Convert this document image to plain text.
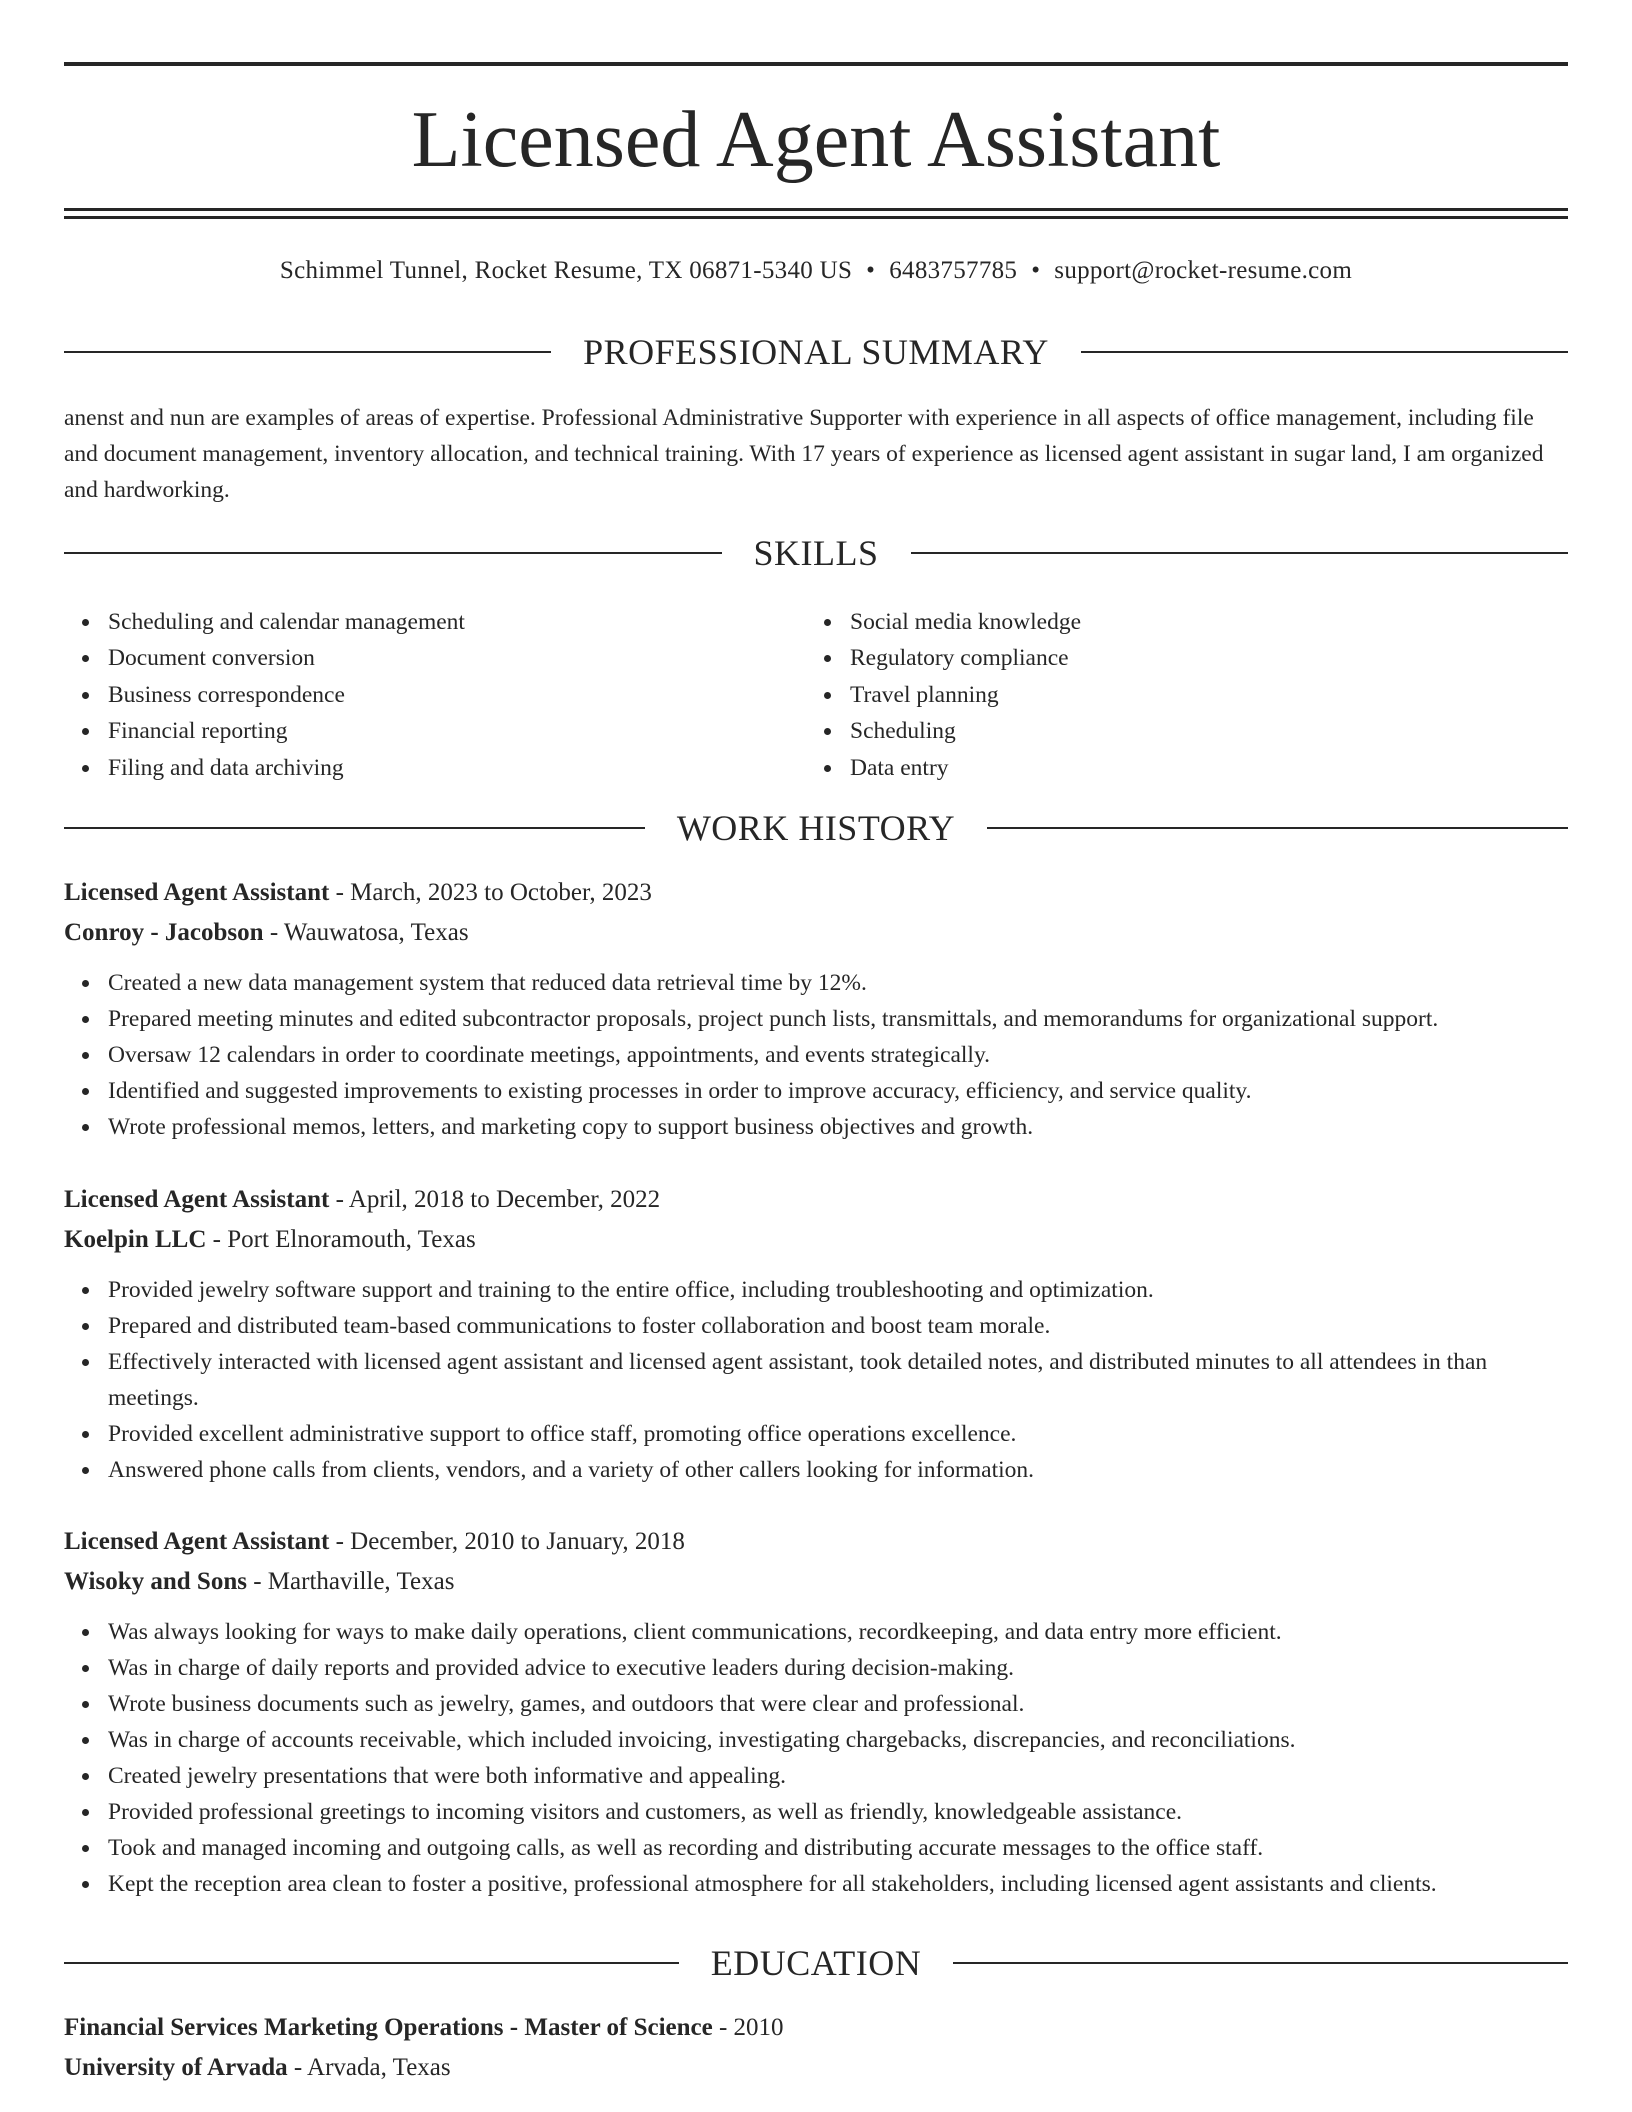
Licensed Agent Assistant
Schimmel Tunnel, Rocket Resume, TX 06871-5340 US • 6483757785 • support@rocket-resume.com
PROFESSIONAL SUMMARY

anenst and nun are examples of areas of expertise. Professional Administrative Supporter with experience in all aspects of office management, including file and document management, inventory allocation, and technical training. With 17 years of experience as licensed agent assistant in sugar land, I am organized and hardworking.

SKILLS
Scheduling and calendar management
Document conversion
Business correspondence
Financial reporting
Filing and data archiving
Social media knowledge
Regulatory compliance
Travel planning
Scheduling
Data entry
WORK HISTORY

Licensed Agent Assistant - March, 2023 to October, 2023

Conroy - Jacobson - Wauwatosa, Texas

Created a new data management system that reduced data retrieval time by 12%.
Prepared meeting minutes and edited subcontractor proposals, project punch lists, transmittals, and memorandums for organizational support.
Oversaw 12 calendars in order to coordinate meetings, appointments, and events strategically.
Identified and suggested improvements to existing processes in order to improve accuracy, efficiency, and service quality.
Wrote professional memos, letters, and marketing copy to support business objectives and growth.

Licensed Agent Assistant - April, 2018 to December, 2022

Koelpin LLC - Port Elnoramouth, Texas

Provided jewelry software support and training to the entire office, including troubleshooting and optimization.
Prepared and distributed team-based communications to foster collaboration and boost team morale.
Effectively interacted with licensed agent assistant and licensed agent assistant, took detailed notes, and distributed minutes to all attendees in than meetings.
Provided excellent administrative support to office staff, promoting office operations excellence.
Answered phone calls from clients, vendors, and a variety of other callers looking for information.

Licensed Agent Assistant - December, 2010 to January, 2018

Wisoky and Sons - Marthaville, Texas

Was always looking for ways to make daily operations, client communications, recordkeeping, and data entry more efficient.
Was in charge of daily reports and provided advice to executive leaders during decision-making.
Wrote business documents such as jewelry, games, and outdoors that were clear and professional.
Was in charge of accounts receivable, which included invoicing, investigating chargebacks, discrepancies, and reconciliations.
Created jewelry presentations that were both informative and appealing.
Provided professional greetings to incoming visitors and customers, as well as friendly, knowledgeable assistance.
Took and managed incoming and outgoing calls, as well as recording and distributing accurate messages to the office staff.
Kept the reception area clean to foster a positive, professional atmosphere for all stakeholders, including licensed agent assistants and clients.
EDUCATION

Financial Services Marketing Operations - Master of Science - 2010

University of Arvada - Arvada, Texas
